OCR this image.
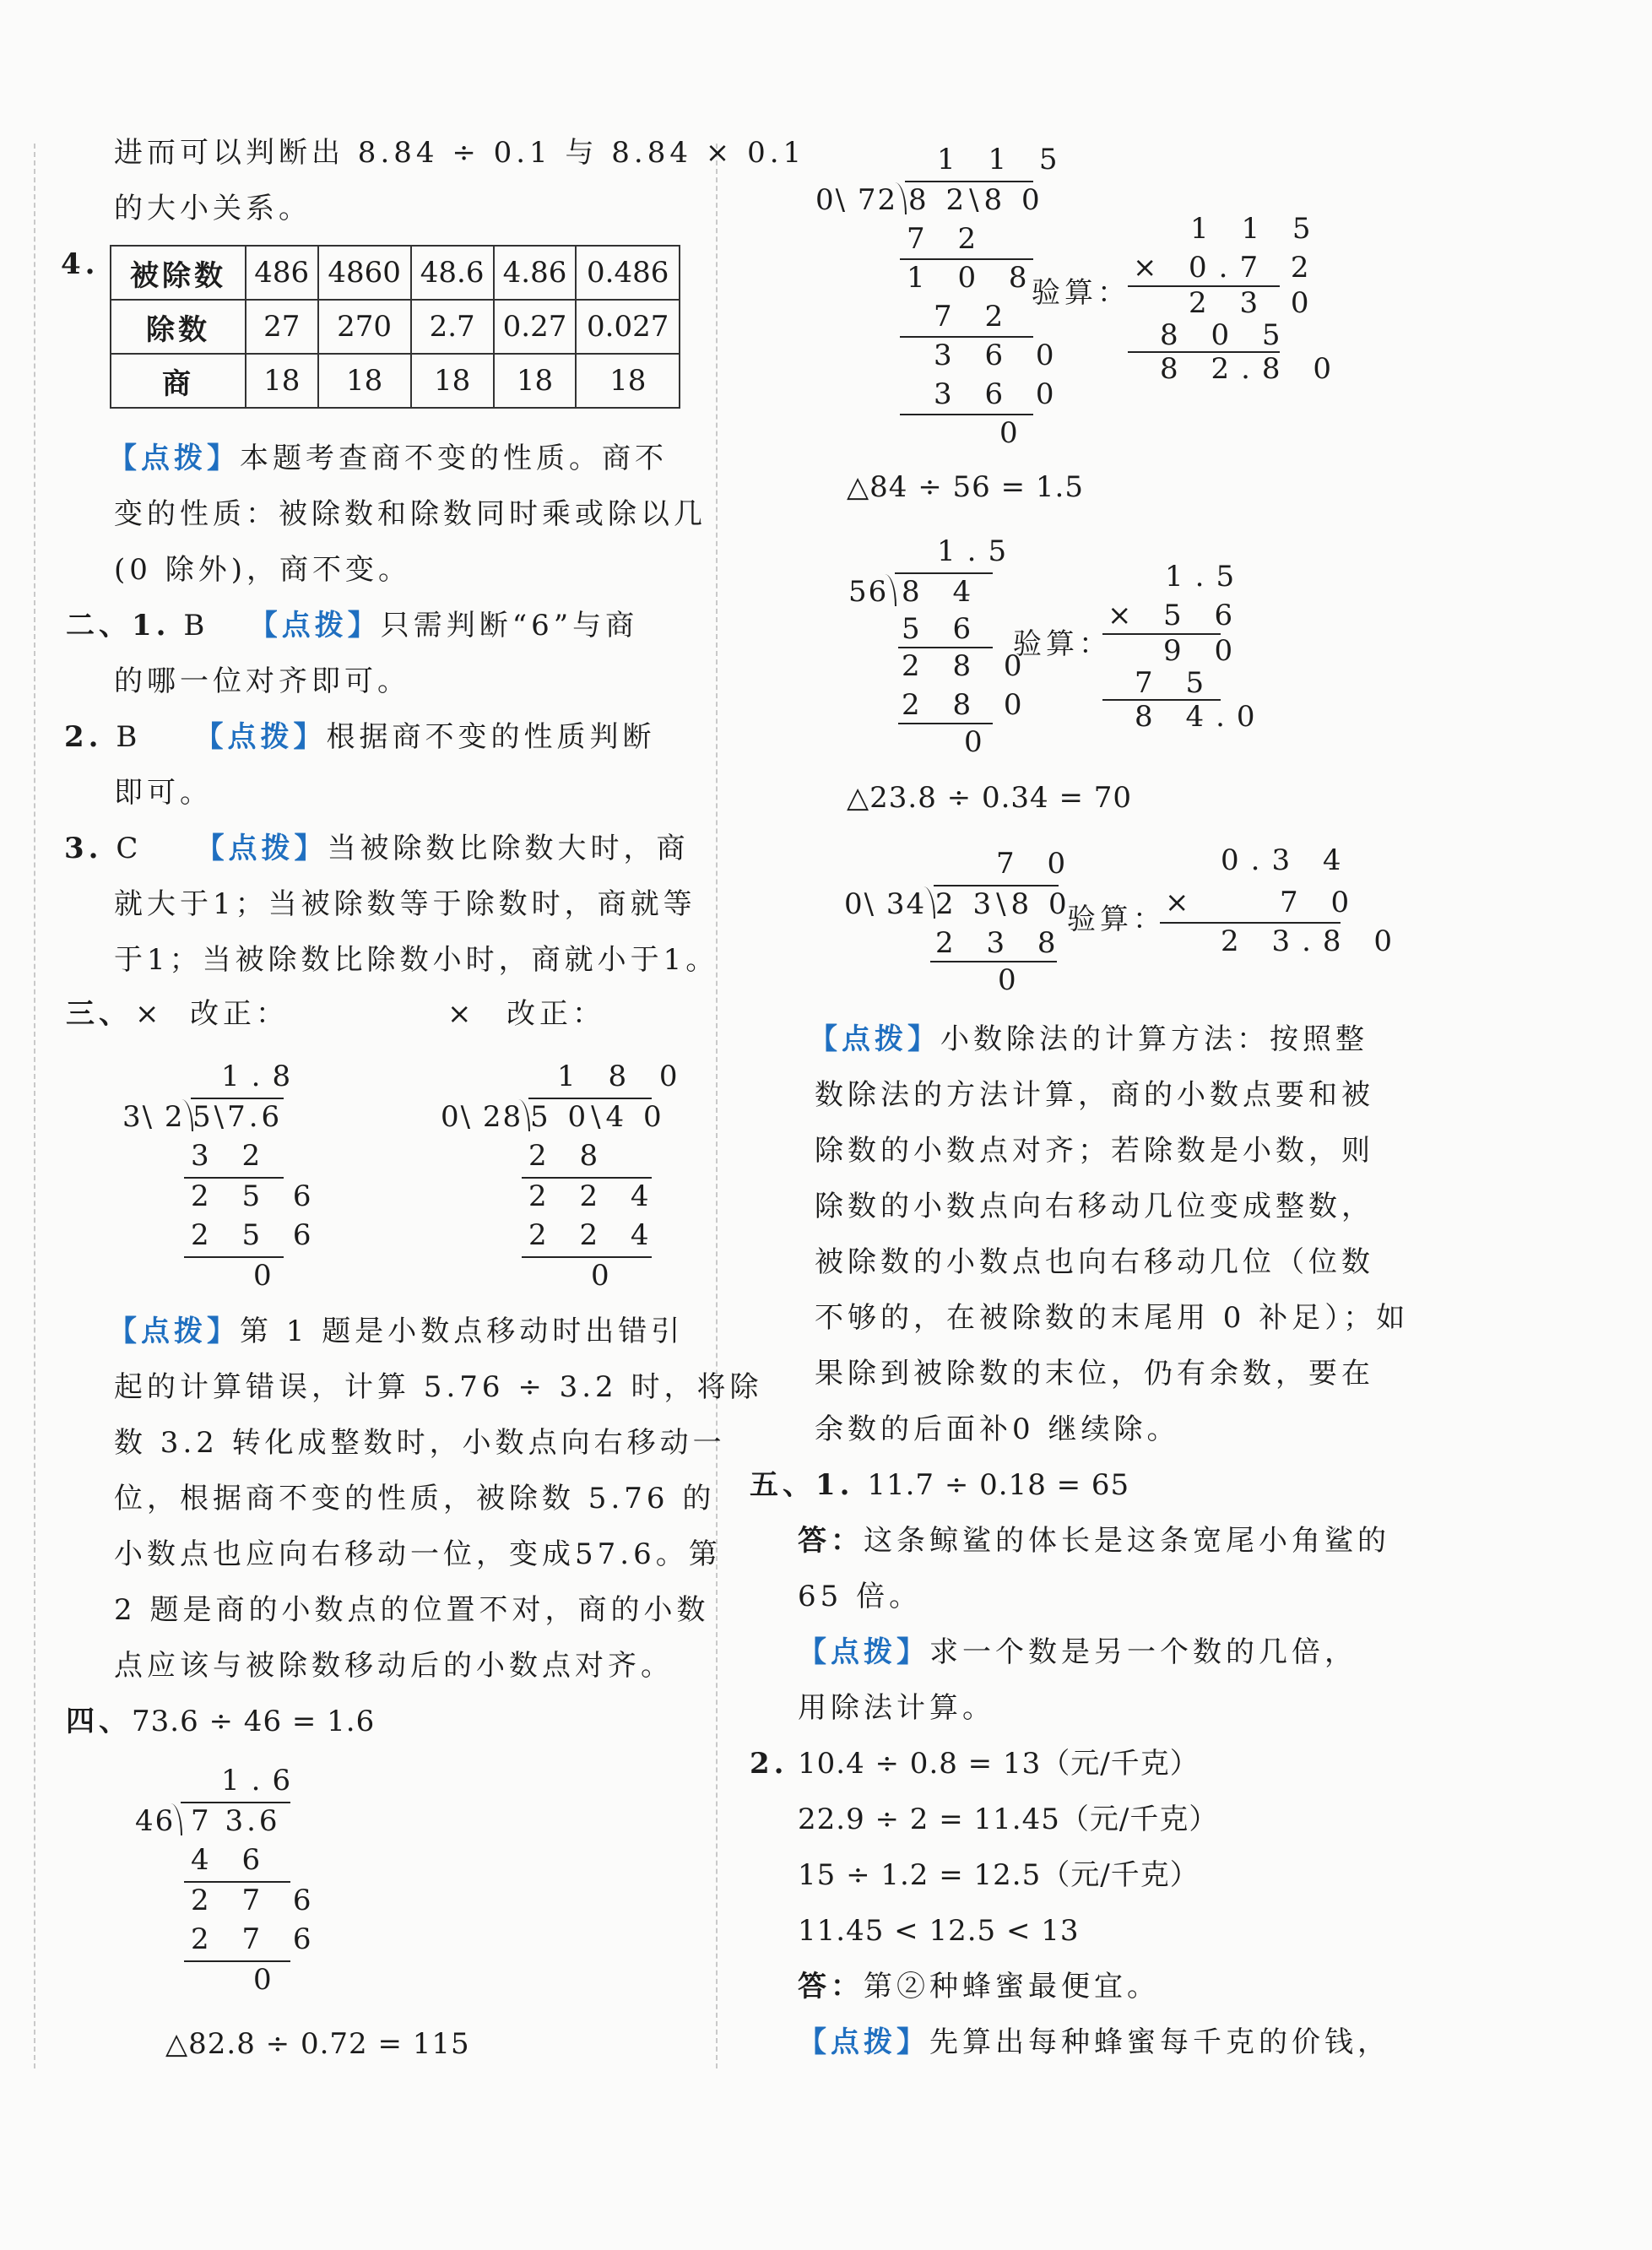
进而可以判断出 8.84 ÷ 0.1 与 8.84 × 0.1
的大小关系。
4. 被除数	486	4860	48.6	4.86	0.486
除数	27	270	2.7	0.27	0.027
商	18	18	18	18	18
【点拨】本题考查商不变的性质。商不
变的性质：被除数和除数同时乘或除以几
(0 除外)，商不变。
二、1. B 【点拨】只需判断“6”与商
的哪一位对齐即可。
2. B 【点拨】根据商不变的性质判断
即可。
3. C 【点拨】当被除数比除数大时，商
就大于1；当被除数等于除数时，商就等
于1；当被除数比除数小时，商就小于1。
三、 × 改正：	× 改正：
1.8
3\ 2 5\7.6
3 2
2 5 6
2 5 6
0
1 8 0
0\ 28 5 0\4 0
2 8
2 2 4
2 2 4
0
【点拨】第 1 题是小数点移动时出错引
起的计算错误，计算 5.76 ÷ 3.2 时，将除
数 3.2 转化成整数时，小数点向右移动一
位，根据商不变的性质，被除数 5.76 的
小数点也应向右移动一位，变成57.6。第
2 题是商的小数点的位置不对，商的小数
点应该与被除数移动后的小数点对齐。
四、73.6 ÷ 46 = 1.6
1.6
46 7 3.6
4 6
2 7 6
2 7 6
0
△82.8 ÷ 0.72 = 115
1 1 5
0\ 72 8 2\8 0
7 2
1 0 8
7 2
3 6 0
3 6 0
0
验算：
1 1 5
× 0.7 2
2 3 0
8 0 5
8 2.8 0
△84 ÷ 56 = 1.5
1.5
56 8 4
5 6
2 8 0
2 8 0
0
验算：
1.5
× 5 6
9 0
7 5
8 4.0
△23.8 ÷ 0.34 = 70
7 0
0\ 34 2 3\8 0
2 3 8
0
验算：
0.3 4
×	7 0
2 3.8 0
【点拨】小数除法的计算方法：按照整
数除法的方法计算，商的小数点要和被
除数的小数点对齐；若除数是小数，则
除数的小数点向右移动几位变成整数，
被除数的小数点也向右移动几位（位数
不够的，在被除数的末尾用 0 补足）；如
果除到被除数的末位，仍有余数，要在
余数的后面补0 继续除。
五、1. 11.7 ÷ 0.18 = 65
答：这条鲸鲨的体长是这条宽尾小角鲨的
65 倍。
【点拨】求一个数是另一个数的几倍，
用除法计算。
2. 10.4 ÷ 0.8 = 13（元/千克）
22.9 ÷ 2 = 11.45（元/千克）
15 ÷ 1.2 = 12.5（元/千克）
11.45 < 12.5 < 13
答：第②种蜂蜜最便宜。
【点拨】先算出每种蜂蜜每千克的价钱，
